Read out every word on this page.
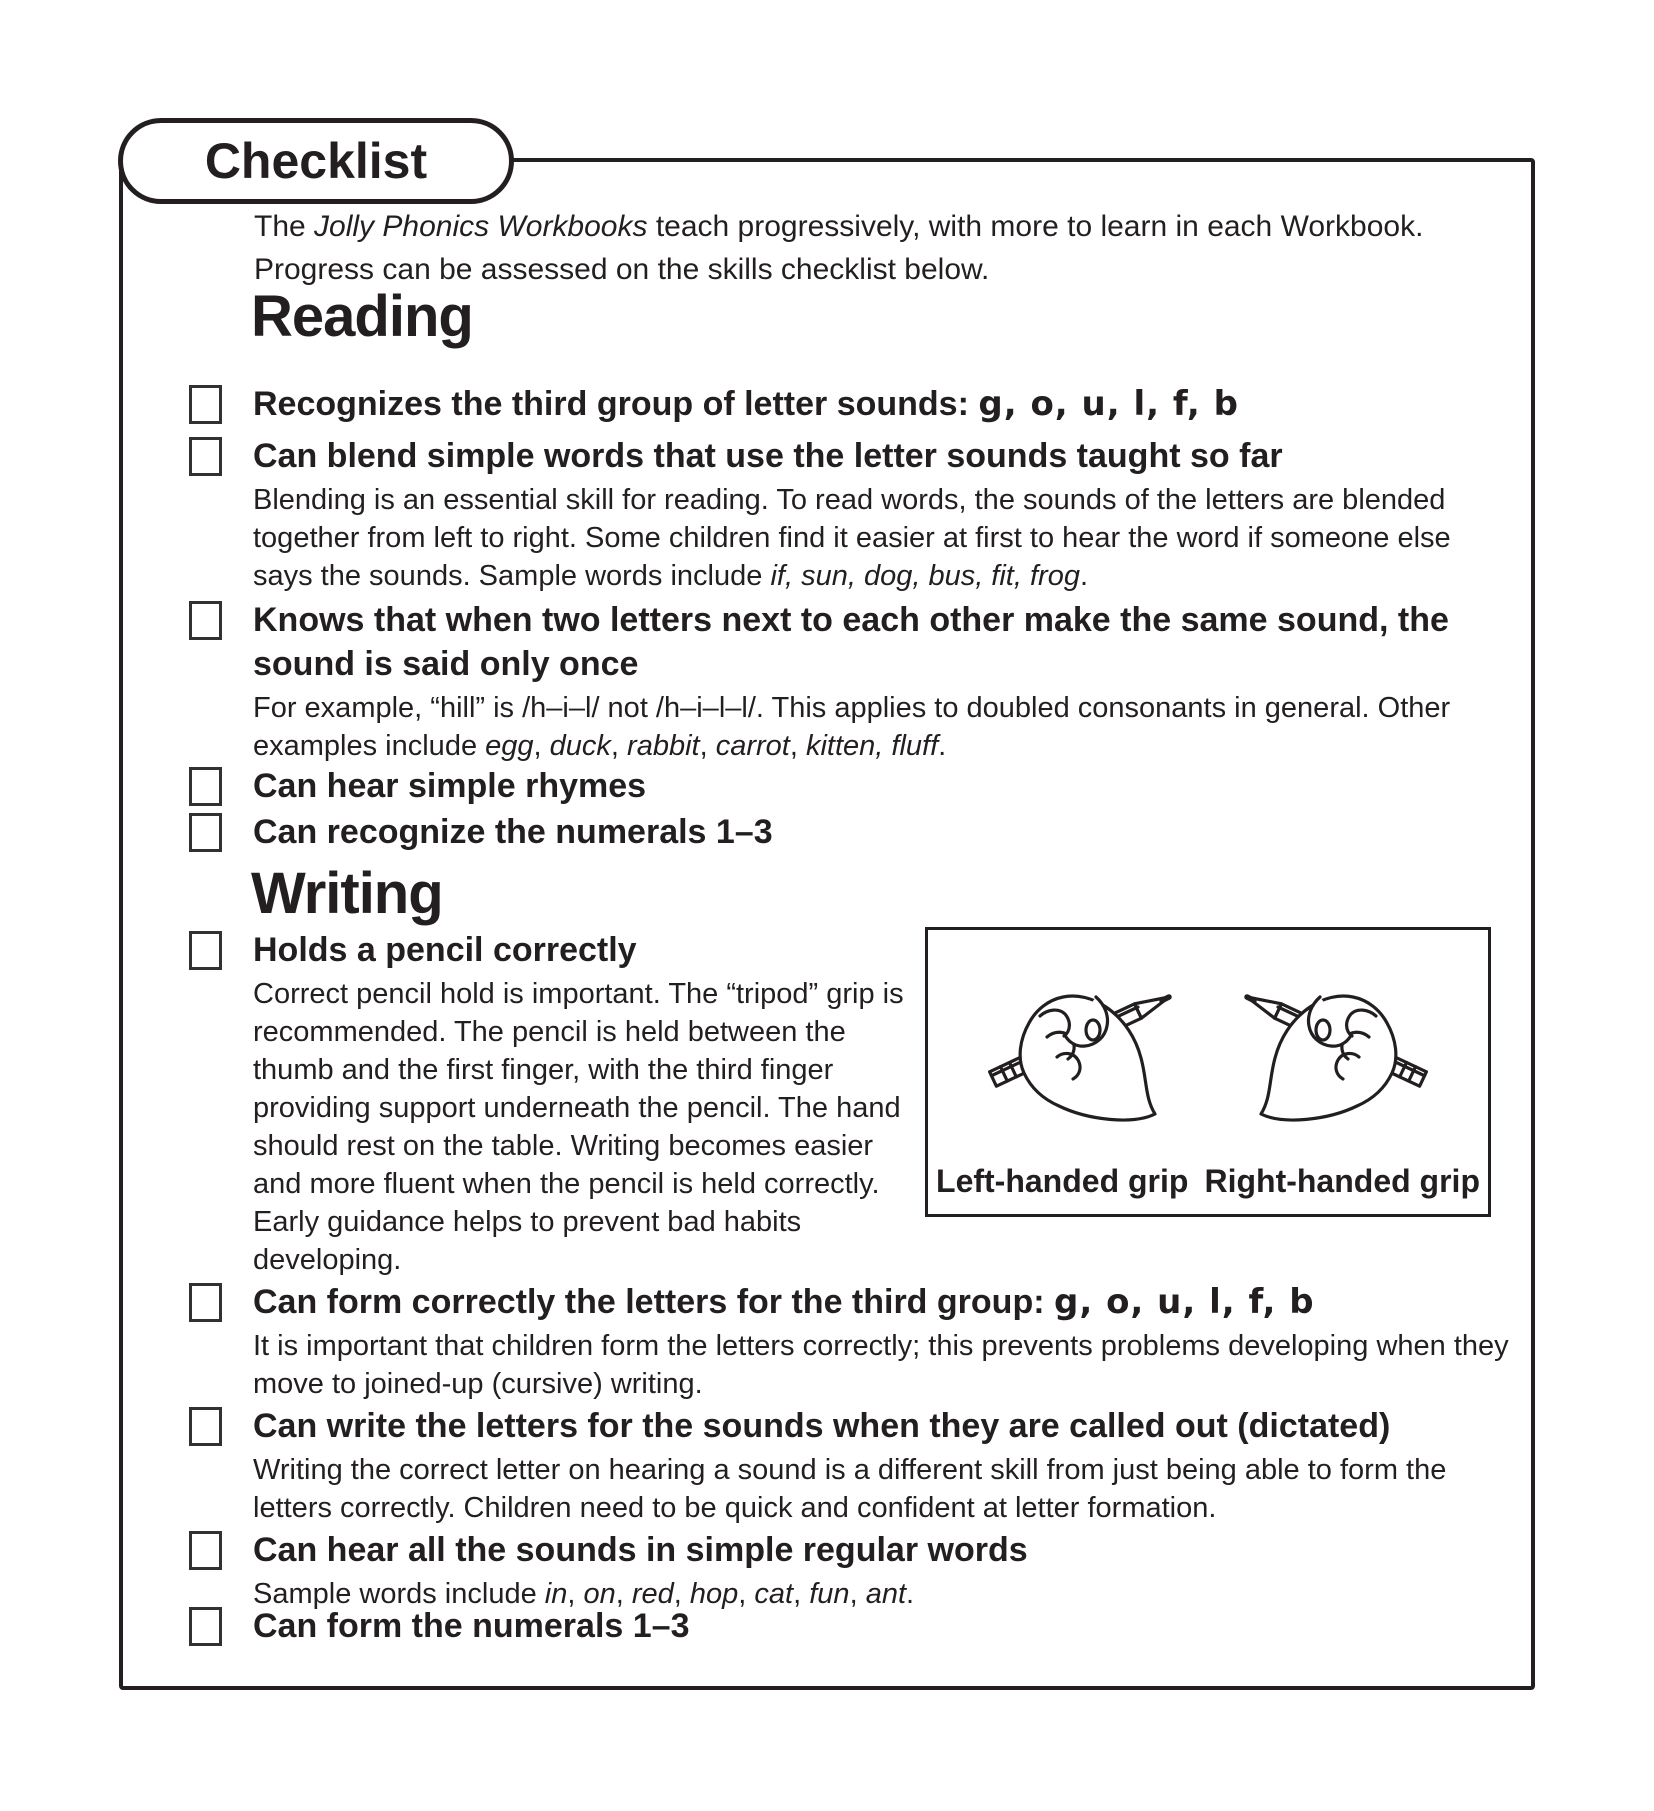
Checklist
The Jolly Phonics Workbooks teach progressively, with more to learn in each Workbook. Progress can be assessed on the skills checklist below.
Reading
Recognizes the third group of letter sounds: g, o, u, l, f, b
Can blend simple words that use the letter sounds taught so far
Blending is an essential skill for reading. To read words, the sounds of the letters are blended together from left to right. Some children find it easier at first to hear the word if someone else says the sounds. Sample words include if, sun, dog, bus, fit, frog.
Knows that when two letters next to each other make the same sound, the
sound is said only once
For example, “hill” is /h–i–l/ not /h–i–l–l/. This applies to doubled consonants in general. Other examples include egg, duck, rabbit, carrot, kitten, fluff.
Can hear simple rhymes
Can recognize the numerals 1–3
Writing
Holds a pencil correctly
Correct pencil hold is important. The “tripod” grip is recommended. The pencil is held between the thumb and the first finger, with the third finger providing support underneath the pencil. The hand should rest on the table. Writing becomes easier and more fluent when the pencil is held correctly. Early guidance helps to prevent bad habits developing.
Can form correctly the letters for the third group: g, o, u, l, f, b
It is important that children form the letters correctly; this prevents problems developing when they move to joined-up (cursive) writing.
Can write the letters for the sounds when they are called out (dictated)
Writing the correct letter on hearing a sound is a different skill from just being able to form the letters correctly. Children need to be quick and confident at letter formation.
Can hear all the sounds in simple regular words
Sample words include in, on, red, hop, cat, fun, ant.
Can form the numerals 1–3
Left-handed grip Right-handed grip
